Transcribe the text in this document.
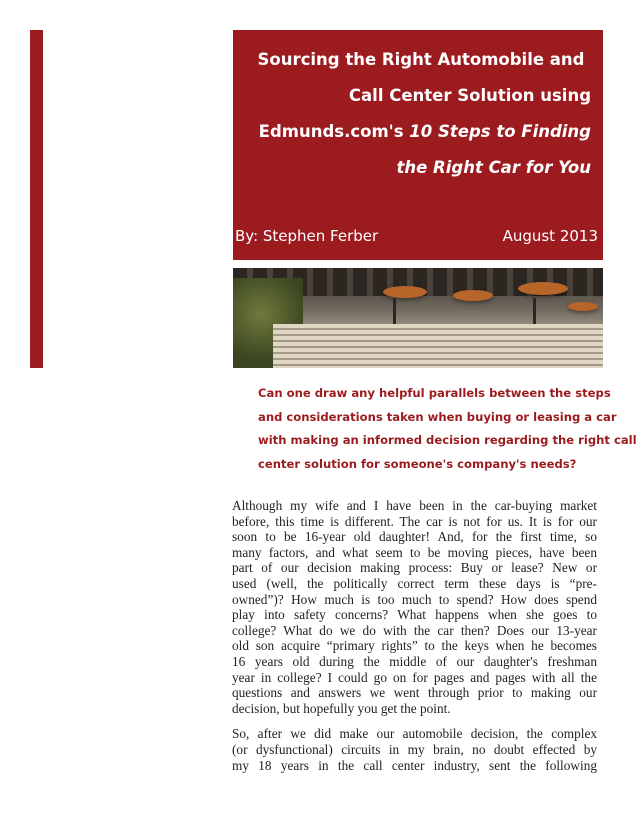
Sourcing the Right Automobile and
Call Center Solution using
Edmunds.com's 10 Steps to Finding
the Right Car for You
By: Stephen Ferber	August 2013
Can one draw any helpful parallels between the steps
and considerations taken when buying or leasing a car
with making an informed decision regarding the right call
center solution for someone's company's needs?
Although my wife and I have been in the car-buying market
before, this time is different. The car is not for us. It is for our
soon to be 16-year old daughter! And, for the first time, so
many factors, and what seem to be moving pieces, have been
part of our decision making process: Buy or lease? New or
used (well, the politically correct term these days is “pre-
owned”)? How much is too much to spend? How does spend
play into safety concerns? What happens when she goes to
college? What do we do with the car then? Does our 13-year
old son acquire “primary rights” to the keys when he becomes
16 years old during the middle of our daughter's freshman
year in college? I could go on for pages and pages with all the
questions and answers we went through prior to making our
decision, but hopefully you get the point.
So, after we did make our automobile decision, the complex
(or dysfunctional) circuits in my brain, no doubt effected by
my 18 years in the call center industry, sent the following
